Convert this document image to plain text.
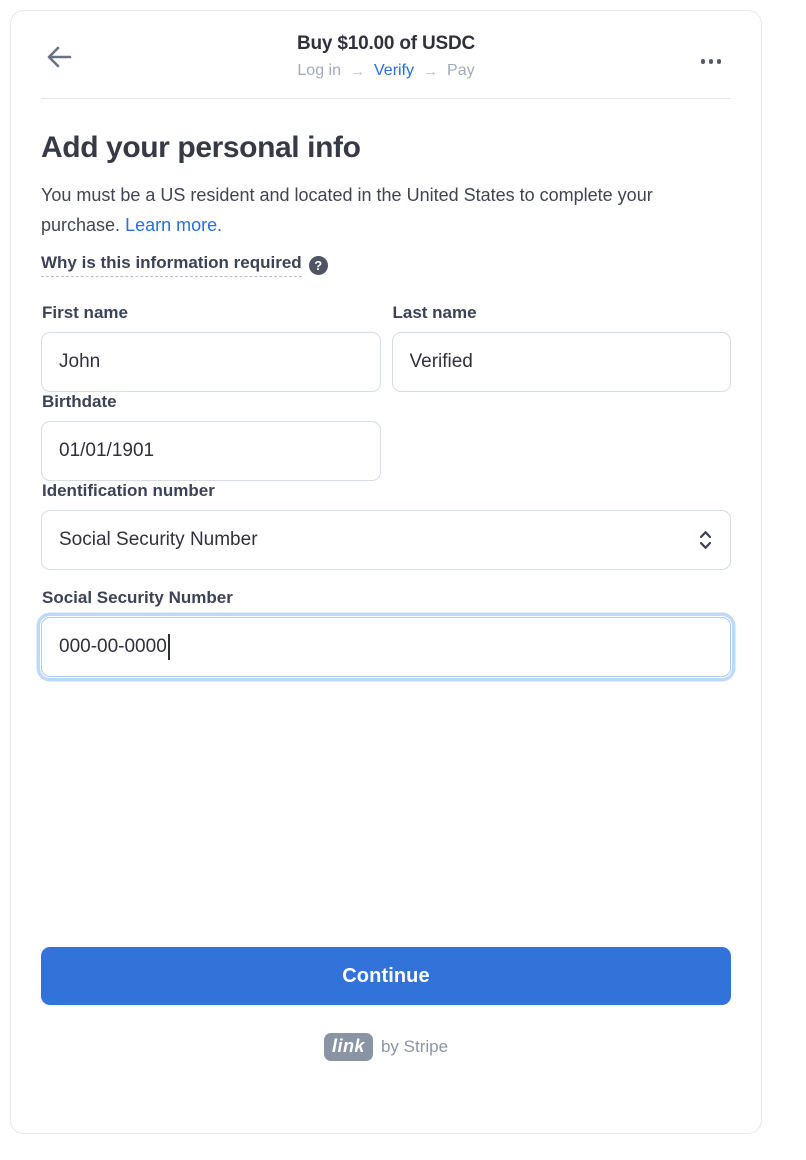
Buy $10.00 of USDC
Log in → Verify → Pay
Add your personal info

You must be a US resident and located in the United States to complete your purchase. Learn more.

Why is this information required ?
First name
John	Last name
Verified
Birthdate
01/01/1901
Identification number
Social Security Number
Social Security Number
000-00-0000
Continue
link by Stripe
